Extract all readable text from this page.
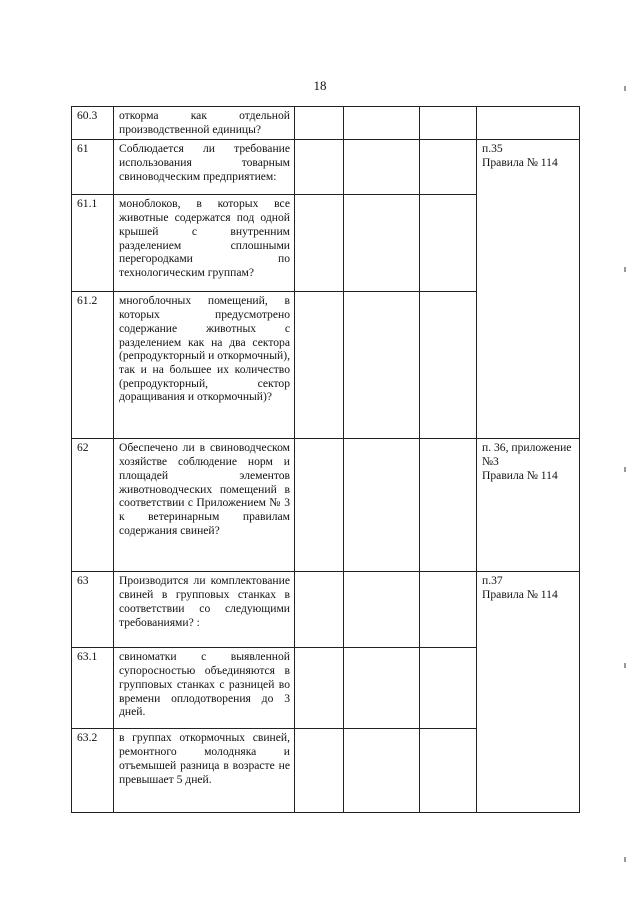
18
60.3	откорма как отдельной производственной единицы?				
61	Соблюдается ли требование использования товарным свиноводческим предприятием:				п.35
Правила № 114

61.1	моноблоков, в которых все животные содержатся под одной крышей с внутренним разделением сплошными перегородками по технологическим группам?				
61.2	многоблочных помещений, в которых предусмотрено содержание животных с разделением как на два сектора (репродукторный и откормочный), так и на большее их количество (репродукторный, сектор доращивания и откормочный)?				
62	Обеспечено ли в свиноводческом хозяйстве соблюдение норм и площадей элементов животноводческих помещений в соответствии с Приложением № 3 к ветеринарным правилам содержания свиней?				п. 36, приложение
№3
Правила № 114

63	Производится ли комплектование свиней в групповых станках в соответствии со следующими требованиями? :				п.37
Правила № 114

63.1	свиноматки с выявленной супоросностью объединяются в групповых станках с разницей во времени оплодотворения до 3 дней.				
63.2	в группах откормочных свиней, ремонтного молодняка и отъемышей разница в возрасте не превышает 5 дней.				
